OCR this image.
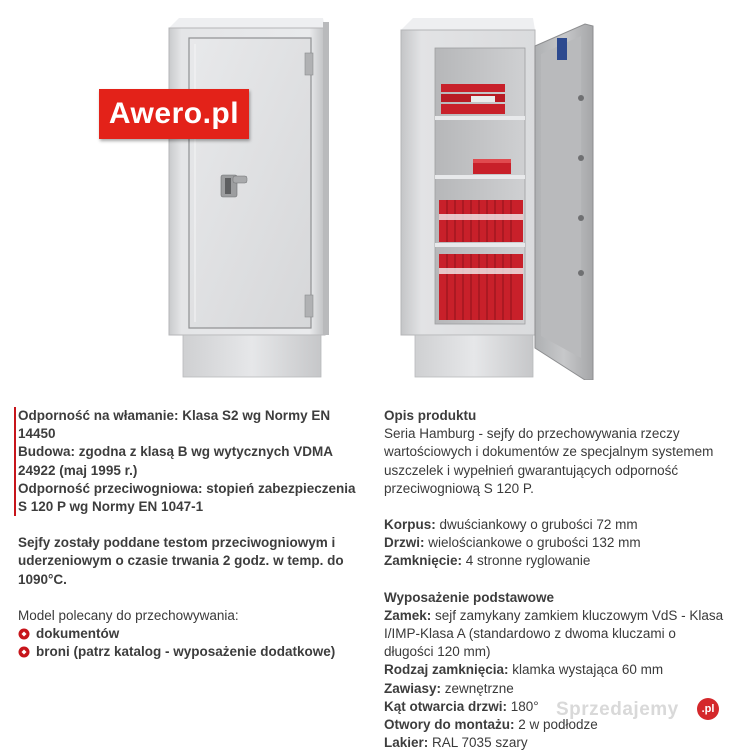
Awero.pl
Odporność na włamanie: Klasa S2 wg Normy EN 14450
Budowa: zgodna z klasą B wg wytycznych VDMA 24922 (maj 1995 r.)
Odporność przeciwogniowa: stopień zabezpieczenia S 120 P wg Normy EN 1047-1
Sejfy zostały poddane testom przeciwogniowym i uderzeniowym o czasie trwania 2 godz. w temp. do 1090°C.
Model polecany do przechowywania:
dokumentów
broni (patrz katalog - wyposażenie dodatkowe)
Opis produktu
Seria Hamburg - sejfy do przechowywania rzeczy wartościowych i dokumentów ze specjalnym systemem uszczelek i wypełnień gwarantujących odporność przeciwogniową S 120 P.
Korpus: dwuściankowy o grubości 72 mm
Drzwi: wielościankowe o grubości 132 mm
Zamknięcie: 4 stronne ryglowanie
Wyposażenie podstawowe
Zamek: sejf zamykany zamkiem kluczowym VdS - Klasa I/IMP-Klasa A (standardowo z dwoma kluczami o długości 120 mm)
Rodzaj zamknięcia: klamka wystająca 60 mm
Zawiasy: zewnętrzne
Kąt otwarcia drzwi: 180°
Otwory do montażu: 2 w podłodze
Lakier: RAL 7035 szary
Sprzedajemy	.pl
